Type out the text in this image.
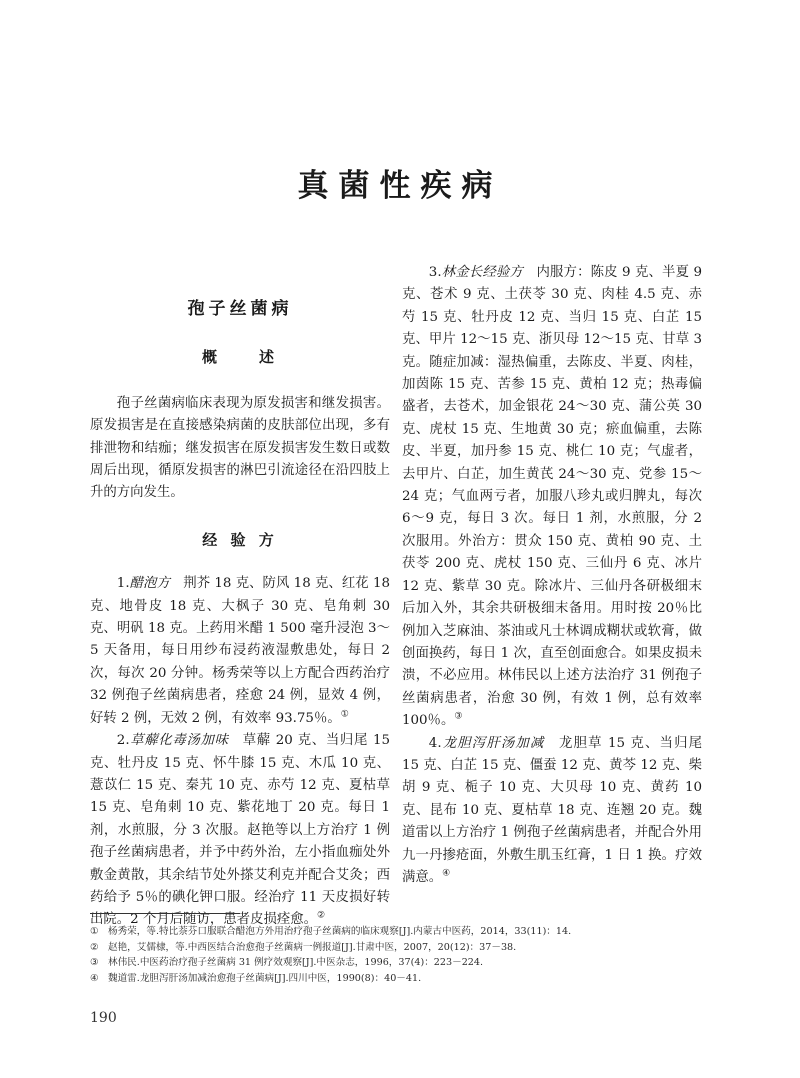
真菌性疾病
孢子丝菌病
概　　述

孢子丝菌病临床表现为原发损害和继发损害。原发损害是在直接感染病菌的皮肤部位出现，多有排泄物和结痂；继发损害在原发损害发生数日或数周后出现，循原发损害的淋巴引流途径在沿四肢上升的方向发生。

经 验 方

1.醋泡方　 荆芥 18 克、防风 18 克、红花 18 克、地骨皮 18 克、大枫子 30 克、皂角刺 30 克、明矾 18 克。上药用米醋 1 500 毫升浸泡 3～5 天备用，每日用纱布浸药液湿敷患处，每日 2 次，每次 20 分钟。杨秀荣等以上方配合西药治疗 32 例孢子丝菌病患者，痊愈 24 例，显效 4 例，好转 2 例，无效 2 例，有效率 93.75％。①

2.草薢化毒汤加味　 草薢 20 克、当归尾 15 克、牡丹皮 15 克、怀牛膝 15 克、木瓜 10 克、薏苡仁 15 克、秦艽 10 克、赤芍 12 克、夏枯草 15 克、皂角刺 10 克、紫花地丁 20 克。每日 1 剂，水煎服，分 3 次服。赵艳等以上方治疗 1 例孢子丝菌病患者，并予中药外治，左小指血痂处外敷金黄散，其余结节处外搽艾利克并配合艾灸；西药给予 5％的碘化钾口服。经治疗 11 天皮损好转出院。2 个月后随访，患者皮损痊愈。②

3.林金长经验方　 内服方：陈皮 9 克、半夏 9 克、苍术 9 克、土茯苓 30 克、肉桂 4.5 克、赤芍 15 克、牡丹皮 12 克、当归 15 克、白芷 15 克、甲片 12～15 克、浙贝母 12～15 克、甘草 3 克。随症加减：湿热偏重，去陈皮、半夏、肉桂，加茵陈 15 克、苦参 15 克、黄柏 12 克；热毒偏盛者，去苍术，加金银花 24～30 克、蒲公英 30 克、虎杖 15 克、生地黄 30 克；瘀血偏重，去陈皮、半夏，加丹参 15 克、桃仁 10 克；气虚者，去甲片、白芷，加生黄芪 24～30 克、党参 15～24 克；气血两亏者，加服八珍丸或归脾丸，每次 6～9 克，每日 3 次。每日 1 剂，水煎服，分 2 次服用。外治方：贯众 150 克、黄柏 90 克、土茯苓 200 克、虎杖 150 克、三仙丹 6 克、冰片 12 克、紫草 30 克。除冰片、三仙丹各研极细末后加入外，其余共研极细末备用。用时按 20％比例加入芝麻油、茶油或凡士林调成糊状或软膏，做创面换药，每日 1 次，直至创面愈合。如果皮损未溃，不必应用。林伟民以上述方法治疗 31 例孢子丝菌病患者，治愈 30 例，有效 1 例，总有效率 100％。③

4.龙胆泻肝汤加减　 龙胆草 15 克、当归尾 15 克、白芷 15 克、僵蚕 12 克、黄芩 12 克、柴胡 9 克、栀子 10 克、大贝母 10 克、黄药 10 克、昆布 10 克、夏枯草 18 克、连翘 20 克。魏道雷以上方治疗 1 例孢子丝菌病患者，并配合外用九一丹掺疮面，外敷生肌玉红膏，1 日 1 换。疗效满意。④

① 杨秀荣，等.特比萘芬口服联合醋泡方外用治疗孢子丝菌病的临床观察[J].内蒙古中医药，2014，33(11)：14.
② 赵艳，艾儒棣，等.中西医结合治愈孢子丝菌病一例报道[J].甘肃中医，2007，20(12)：37－38.
③ 林伟民.中医药治疗孢子丝菌病 31 例疗效观察[J].中医杂志，1996，37(4)：223－224.
④ 魏道雷.龙胆泻肝汤加减治愈孢子丝菌病[J].四川中医，1990(8)：40－41.
190
